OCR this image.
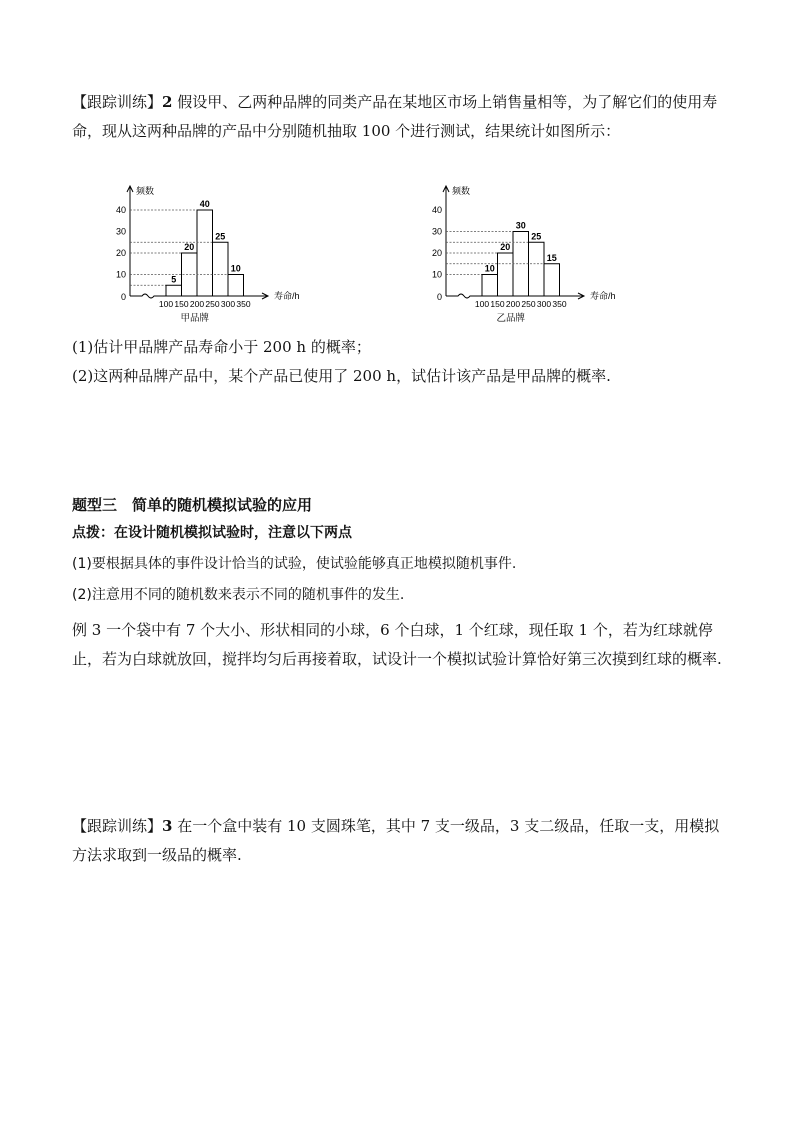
【跟踪训练】2 假设甲、乙两种品牌的同类产品在某地区市场上销售量相等，为了解它们的使用寿命，现从这两种品牌的产品中分别随机抽取 100 个进行测试，结果统计如图所示：

频数
寿命/h
0
10
20
30
40
5
20
40
25
10
100 150 200 250 300 350
甲品牌
频数
寿命/h
0
10
20
30
40
10
20
30
25
15
100 150 200 250 300 350
乙品牌

(1)估计甲品牌产品寿命小于 200 h 的概率；

(2)这两种品牌产品中，某个产品已使用了 200 h，试估计该产品是甲品牌的概率.

题型三　简单的随机模拟试验的应用

点拨：在设计随机模拟试验时，注意以下两点

(1)要根据具体的事件设计恰当的试验，使试验能够真正地模拟随机事件.

(2)注意用不同的随机数来表示不同的随机事件的发生.

例 3 一个袋中有 7 个大小、形状相同的小球，6 个白球，1 个红球，现任取 1 个，若为红球就停止，若为白球就放回，搅拌均匀后再接着取，试设计一个模拟试验计算恰好第三次摸到红球的概率.

【跟踪训练】3 在一个盒中装有 10 支圆珠笔，其中 7 支一级品，3 支二级品，任取一支，用模拟方法求取到一级品的概率.
